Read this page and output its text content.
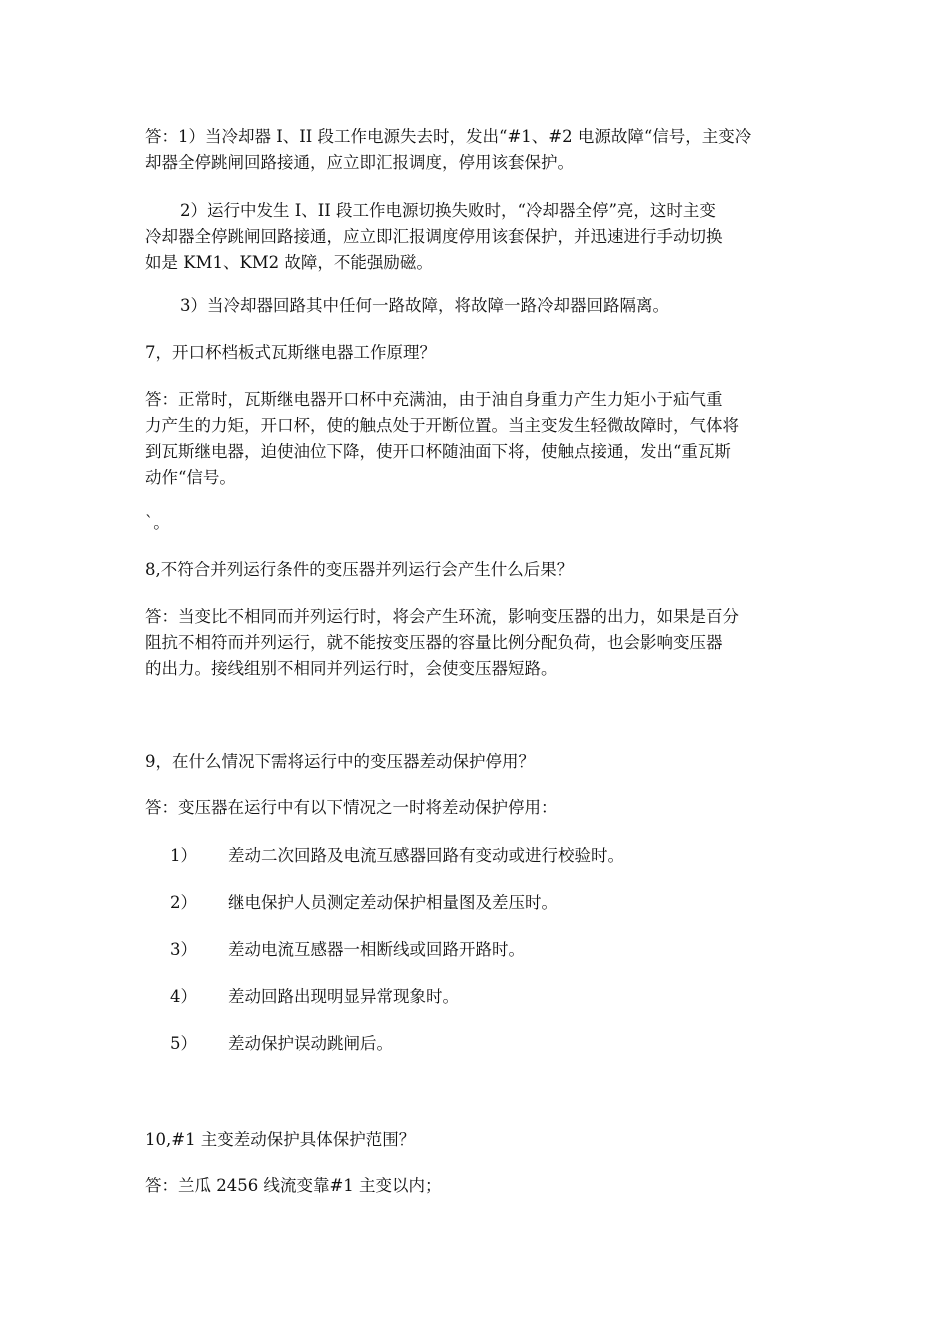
答：1）当冷却器 I、II 段工作电源失去时，发出“#1、#2 电源故障“信号，主变冷
却器全停跳闸回路接通，应立即汇报调度，停用该套保护。
2）运行中发生 I、II 段工作电源切换失败时，“冷却器全停”亮，这时主变
冷却器全停跳闸回路接通，应立即汇报调度停用该套保护，并迅速进行手动切换
如是 KM1、KM2 故障，不能强励磁。
3）当冷却器回路其中任何一路故障，将故障一路冷却器回路隔离。
7，开口杯档板式瓦斯继电器工作原理？
答：正常时，瓦斯继电器开口杯中充满油，由于油自身重力产生力矩小于疝气重
力产生的力矩，开口杯，使的触点处于开断位置。当主变发生轻微故障时，气体将
到瓦斯继电器，迫使油位下降，使开口杯随油面下将，使触点接通，发出“重瓦斯
动作“信号。
`。
8,不符合并列运行条件的变压器并列运行会产生什么后果？
答：当变比不相同而并列运行时，将会产生环流，影响变压器的出力，如果是百分
阻抗不相符而并列运行，就不能按变压器的容量比例分配负荷，也会影响变压器
的出力。接线组别不相同并列运行时，会使变压器短路。
9，在什么情况下需将运行中的变压器差动保护停用？
答：变压器在运行中有以下情况之一时将差动保护停用：
1） 差动二次回路及电流互感器回路有变动或进行校验时。
2） 继电保护人员测定差动保护相量图及差压时。
3） 差动电流互感器一相断线或回路开路时。
4） 差动回路出现明显异常现象时。
5） 差动保护误动跳闸后。
10,#1 主变差动保护具体保护范围？
答：兰瓜 2456 线流变靠#1 主变以内；
